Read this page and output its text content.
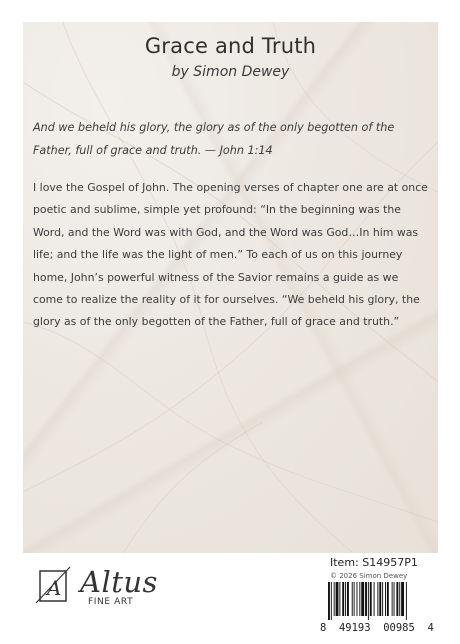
Grace and Truth
by Simon Dewey
And we beheld his glory, the glory as of the only begotten of the Father, full of grace and truth. — John 1:14
I love the Gospel of John. The opening verses of chapter one are at once poetic and sublime, simple yet profound: “In the beginning was the Word, and the Word was with God, and the Word was God…In him was life; and the life was the light of men.” To each of us on this journey home, John’s powerful witness of the Savior remains a guide as we come to realize the reality of it for ourselves. “We beheld his glory, the glory as of the only begotten of the Father, full of grace and truth.”
A Altus
FINE ART
Item: S14957P1
© 2026 Simon Dewey
8  49193  00985  4
